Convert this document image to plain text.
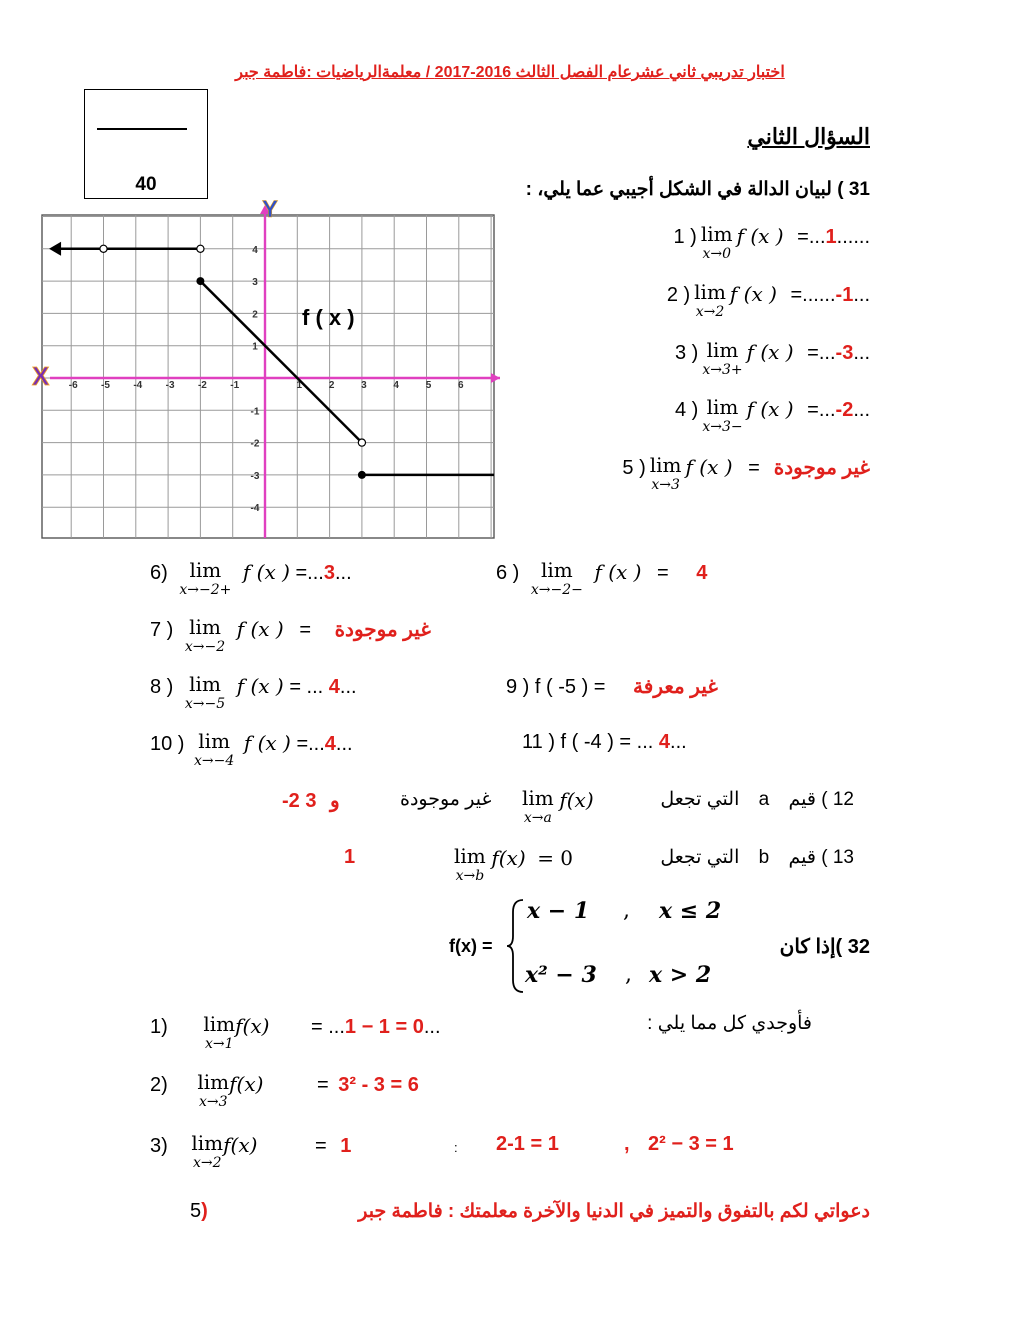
اختبار تدريبي ثاني عشرعام الفصل الثالث 2016-2017 / معلمةالرياضيات :فاطمة جبر
40
السؤال الثاني
31 ) لبيان الدالة في الشكل أجيبي عما يلي، :
-6 -5 -4 -3 -2 -1	1	2	3	4	5	6
4
3
2
1
-1
-2
-3
-4
X
Y
f ( x )
1 ) lim
x→0
f (x ) =...1......
2 ) lim
x→2
f (x ) =......-1...
3 ) lim
x→3+
f (x ) =...-3...
4 ) lim
x→3−
f (x ) =...-2...
5 ) lim
x→3
f (x ) = غير موجودة
6)	lim
x→−2+
f (x ) =...3...	6 )	lim
x→−2−
f (x ) = 4
7 ) lim
x→−2
f (x ) = غير موجودة
8 ) lim
x→−5
f (x ) = ... 4...	9 ) f ( -5 ) = غير معرفة
10 ) lim
x→−4
f (x ) =...4...	11 ) f ( -4 ) = ... 4...
-2 و 3	غير موجودة lim
x→a
f(x)	12 ) قيم a التي تجعل
1	lim
x→b
f(x) = 0	13 ) قيم b التي تجعل
32 )إذا كان
f(x) =
x − 1 , x ≤ 2
x² − 3 , x > 2
فأوجدي كل مما يلي :
1) lim
x→1
f(x) = ...1 − 1 = 0...
2) lim
x→3
f(x)	= 3² - 3 = 6
3) lim
x→2
f(x)	= 1	: 2-1 = 1	, 2² − 3 = 1
5)	دعواتي لكم بالتفوق والتميز في الدنيا والآخرة معلمتك : فاطمة جبر
